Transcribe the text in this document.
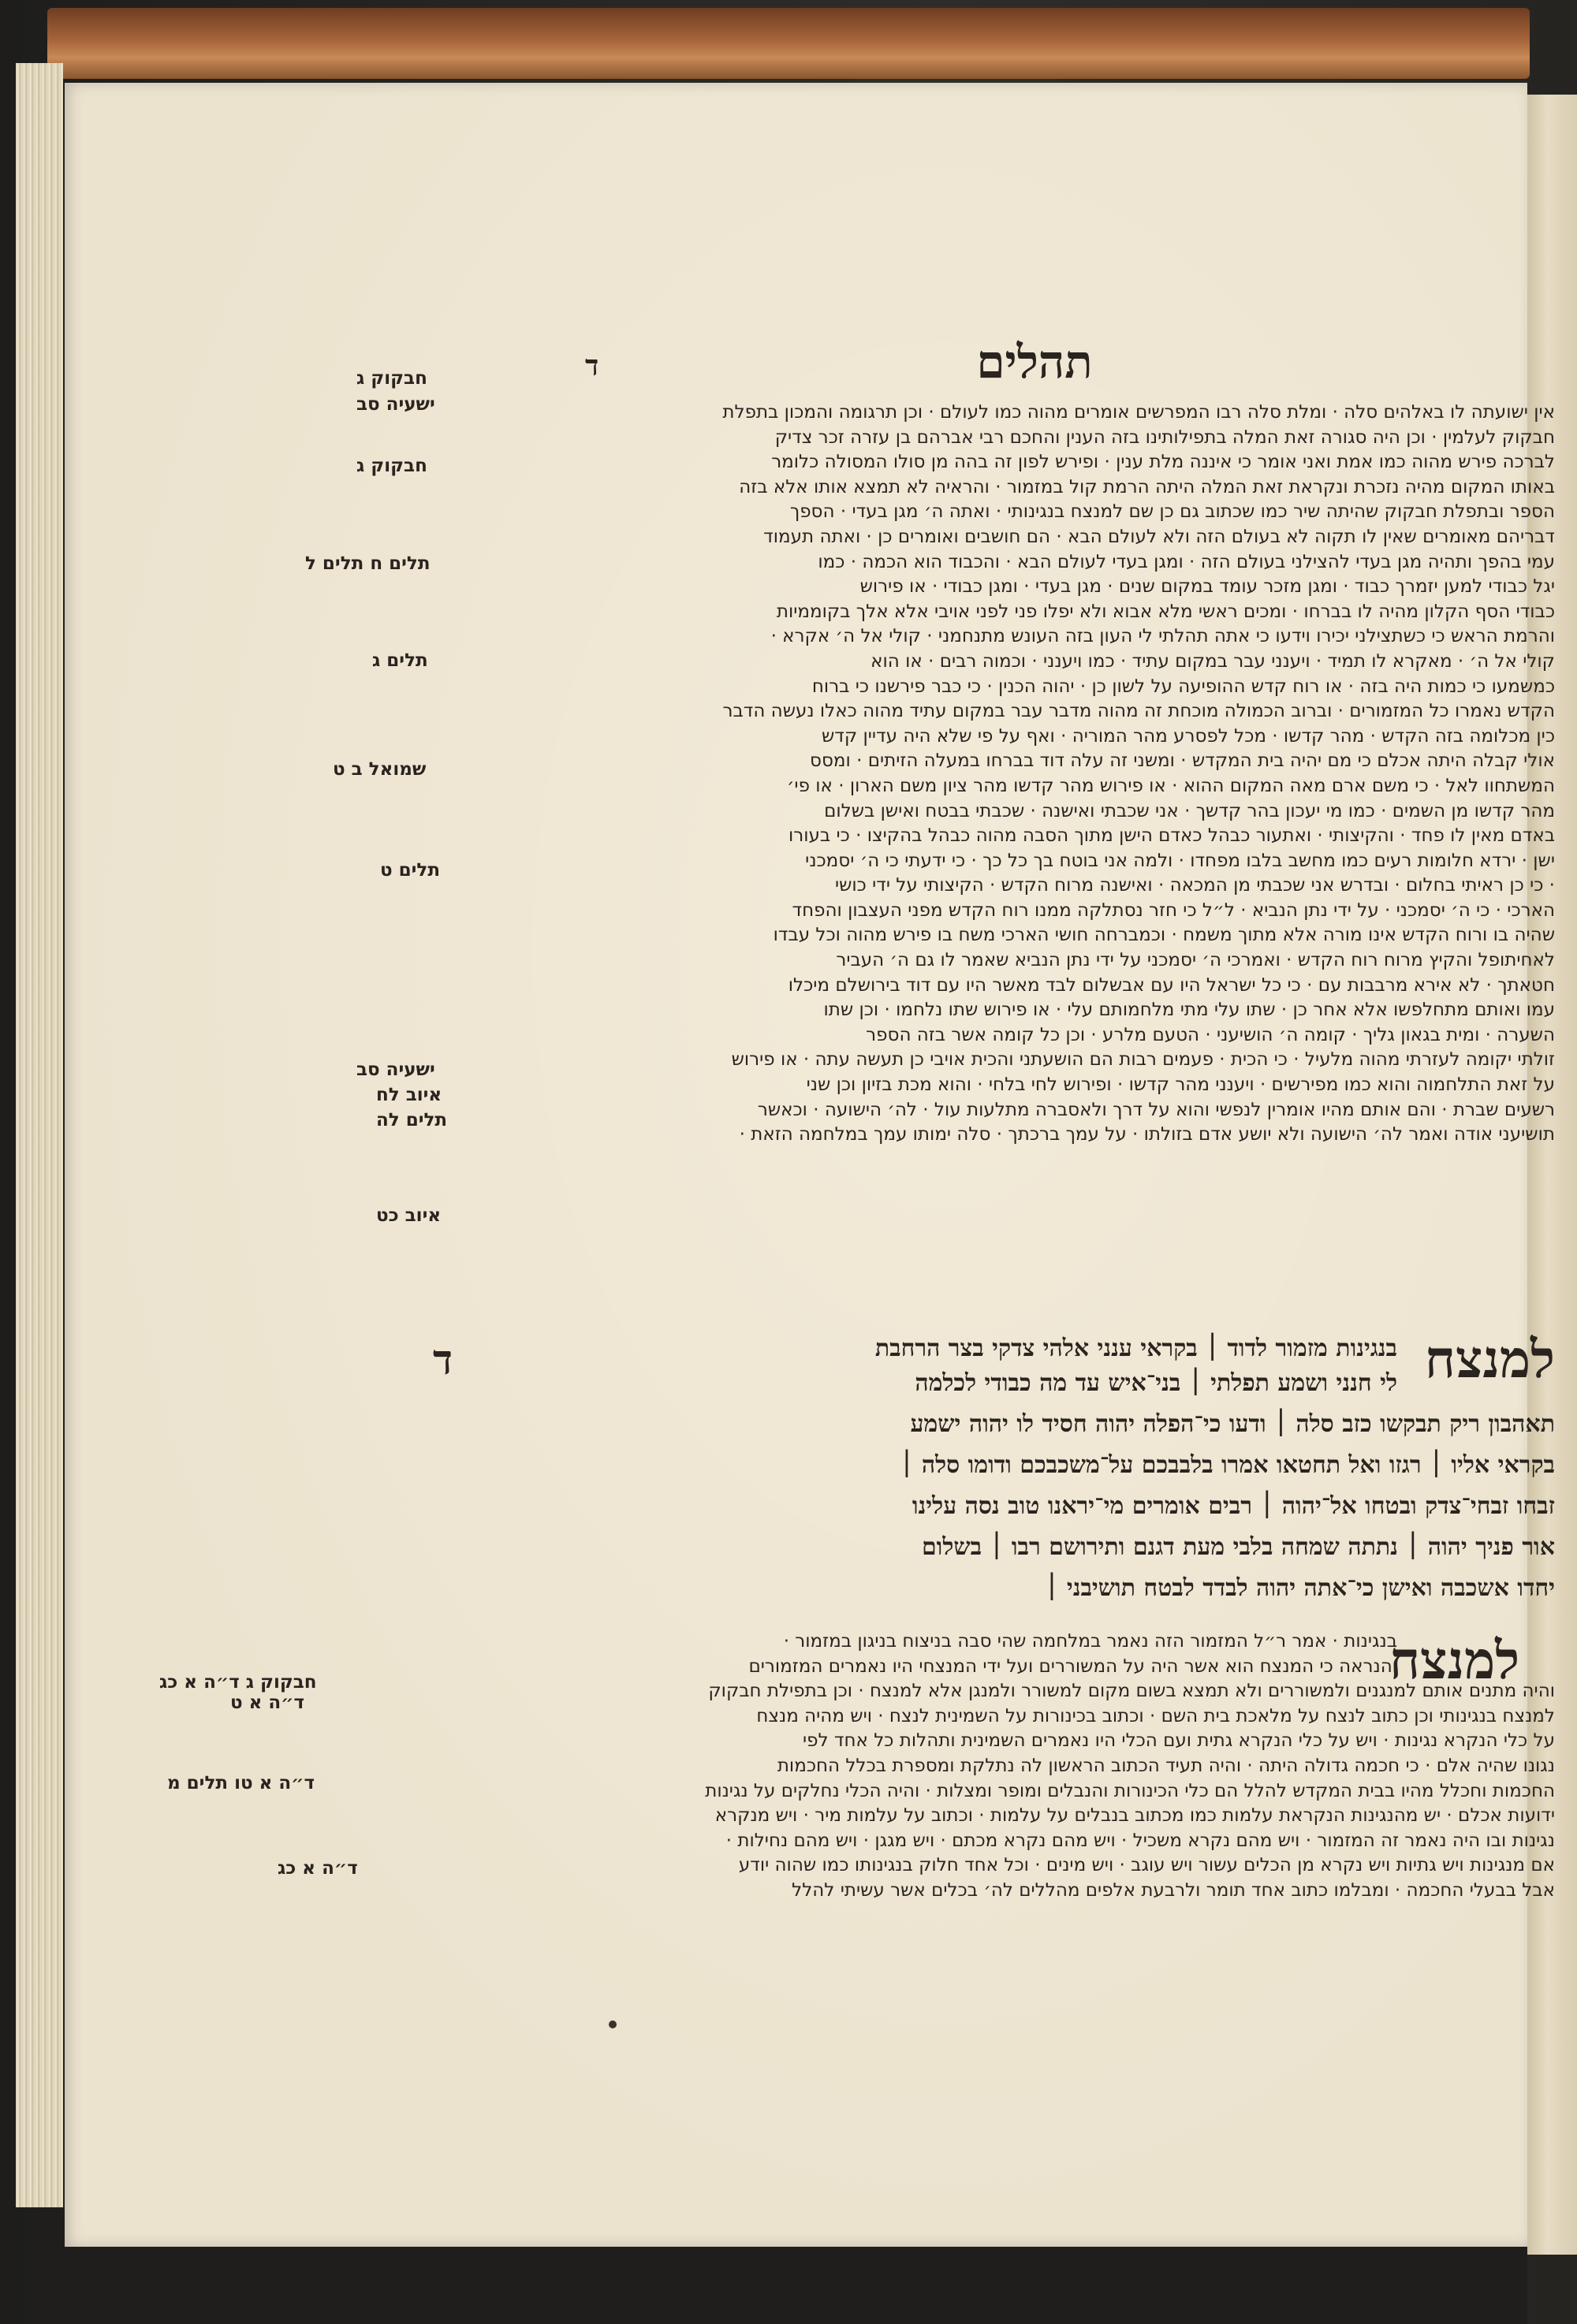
תהלים
ד
אין ישועתה לו באלהים סלה · ומלת סלה רבו המפרשים אומרים מהוה כמו לעולם · וכן תרגומה והמכון בתפלת
חבקוק לעלמין · וכן היה סגורה זאת המלה בתפילותינו בזה הענין והחכם רבי אברהם בן עזרה זכר צדיק
לברכה פירש מהוה כמו אמת ואני אומר כי איננה מלת ענין · ופירש לפון זה בהה מן סולו המסולה כלומר
באותו המקום מהיה נזכרת ונקראת זאת המלה היתה הרמת קול במזמור · והראיה לא תמצא אותו אלא בזה
הספר ובתפלת חבקוק שהיתה שיר כמו שכתוב גם כן שם למנצח בנגינותי · ואתה ה׳ מגן בעדי · הספך
דבריהם מאומרים שאין לו תקוה לא בעולם הזה ולא לעולם הבא · הם חושבים ואומרים כן · ואתה תעמוד
עמי בהפך ותהיה מגן בעדי להצילני בעולם הזה · ומגן בעדי לעולם הבא · והכבוד הוא הכמה · כמו
יגל כבודי למען יזמרך כבוד · ומגן מזכר עומד במקום שנים · מגן בעדי · ומגן כבודי · או פירוש
כבודי הסף הקלון מהיה לו בברחו · ומכים ראשי מלא אבוא ולא יפלו פני לפני אויבי אלא אלך בקוממיות
והרמת הראש כי כשתצילני יכירו וידעו כי אתה תהלתי לי העון בזה העונש מתנחמני · קולי אל ה׳ אקרא ·
קולי אל ה׳ · מאקרא לו תמיד · ויענני עבר במקום עתיד · כמו ויענני · וכמוה רבים · או הוא
כמשמעו כי כמות היה בזה · או רוח קדש ההופיעה על לשון כן · יהוה הכנין · כי כבר פירשנו כי ברוח
הקדש נאמרו כל המזמורים · וברוב הכמולה מוכחת זה מהוה מדבר עבר במקום עתיד מהוה כאלו נעשה הדבר
כין מכלומה בזה הקדש · מהר קדשו · מכל לפסרע מהר המוריה · ואף על פי שלא היה עדיין קדש
אולי קבלה היתה אכלם כי מם יהיה בית המקדש · ומשני זה עלה דוד בברחו במעלה הזיתים · ומסס
המשתחוו לאל · כי משם ארם מאה המקום ההוא · או פירוש מהר קדשו מהר ציון משם הארון · או פי׳
מהר קדשו מן השמים · כמו מי יעכון בהר קדשך · אני שכבתי ואישנה · שכבתי בבטח ואישן בשלום
באדם מאין לו פחד · והקיצותי · ואתעור כבהל כאדם הישן מתוך הסבה מהוה כבהל בהקיצו · כי בעורו
ישן · ירדא חלומות רעים כמו מחשב בלבו מפחדו · ולמה אני בוטח בך כל כך · כי ידעתי כי ה׳ יסמכני
· כי כן ראיתי בחלום · ובדרש אני שכבתי מן המכאה · ואישנה מרוח הקדש · הקיצותי על ידי כושי
הארכי · כי ה׳ יסמכני · על ידי נתן הנביא · ל״ל כי חזר נסתלקה ממנו רוח הקדש מפני העצבון והפחד
שהיה בו ורוח הקדש אינו מורה אלא מתוך משמח · וכמברחה חושי הארכי משח בו פירש מהוה וכל עבדו
לאחיתופל והקיץ מרוח רוח הקדש · ואמרכי ה׳ יסמכני על ידי נתן הנביא שאמר לו גם ה׳ העביר
חטאתך · לא אירא מרבבות עם · כי כל ישראל היו עם אבשלום לבד מאשר היו עם דוד בירושלם מיכלו
עמו ואותם מתחלפשו אלא אחר כן · שתו עלי מתי מלחמותם עלי · או פירוש שתו נלחמו · וכן שתו
השערה · ומית בגאון גליך · קומה ה׳ הושיעני · הטעם מלרע · וכן כל קומה אשר בזה הספר
זולתי יקומה לעזרתי מהוה מלעיל · כי הכית · פעמים רבות הם הושעתני והכית אויבי כן תעשה עתה · או פירוש
על זאת התלחמוה והוא כמו מפירשים · ויענני מהר קדשו · ופירוש לחי בלחי · והוא מכת בזיון וכן שני
רשעים שברת · והם אותם מהיו אומרין לנפשי והוא על דרך ולאסברה מתלעות עול · לה׳ הישועה · וכאשר
תושיעני אודה ואמר לה׳ הישועה ולא יושע אדם בזולתו · על עמך ברכתך · סלה ימותו עמך במלחמה הזאת ·
ד	למנצח
בנגינות מזמור לדוד ׀ בקראי ענני אלהי צדקי בצר הרחבת
לי חנני ושמע תפלתי ׀ בני־איש עד מה כבודי לכלמה
תאהבון ריק תבקשו כזב סלה ׀ ודעו כי־הפלה יהוה חסיד לו יהוה ישמע
בקראי אליו ׀ רגזו ואל תחטאו אמרו בלבבכם על־משכבכם ודומו סלה ׀
זבחו זבחי־צדק ובטחו אל־יהוה ׀ רבים אומרים מי־יראנו טוב נסה עלינו
אור פניך יהוה ׀ נתתה שמחה בלבי מעת דגנם ותירושם רבו ׀ בשלום
יחדו אשכבה ואישן כי־אתה יהוה לבדד לבטח תושיבני ׀
למנצח
בנגינות · אמר ר״ל המזמור הזה נאמר במלחמה שהי סבה בניצוח בניגון במזמור ·
והנראה כי המנצח הוא אשר היה על המשוררים ועל ידי המנצחי היו נאמרים המזמורים
והיה מתנים אותם למנגנים ולמשוררים ולא תמצא בשום מקום למשורר ולמנגן אלא למנצח · וכן בתפילת חבקוק
למנצח בנגינותי וכן כתוב לנצח על מלאכת בית השם · וכתוב בכינורות על השמינית לנצח · ויש מהיה מנצח
על כלי הנקרא נגינות · ויש על כלי הנקרא גתית ועם הכלי היו נאמרים השמינית ותהלות כל אחד לפי
נגונו שהיה אלם · כי חכמה גדולה היתה · והיה תעיד הכתוב הראשון לה נתלקת ומספרת בכלל החכמות
החכמות וחכלל מהיו בבית המקדש להלל הם כלי הכינורות והנבלים ומופר ומצלות · והיה הכלי נחלקים על נגינות
ידועות אכלם · יש מהנגינות הנקראת עלמות כמו מכתוב בנבלים על עלמות · וכתוב על עלמות מיר · ויש מנקרא
נגינות ובו היה נאמר זה המזמור · ויש מהם נקרא משכיל · ויש מהם נקרא מכתם · ויש מגגן · ויש מהם נחילות ·
אם מנגינות ויש גתיות ויש נקרא מן הכלים עשור ויש עוגב · ויש מינים · וכל אחד חלוק בנגינותו כמו שהוה יודע
אבל בבעלי החכמה · ומבלמו כתוב אחד תומר ולרבעת אלפים מהללים לה׳ בכלים אשר עשיתי להלל
חבקוק ג
ישעיה סב
חבקוק ג
תלים ח תלים ל
תלים ג
שמואל ב ט
תלים ט
ישעיה סב
איוב לח
תלים לה
איוב כט
חבקוק ג ד״ה א כג
ד״ה א ט
ד״ה א טו תלים מ
ד״ה א כג
